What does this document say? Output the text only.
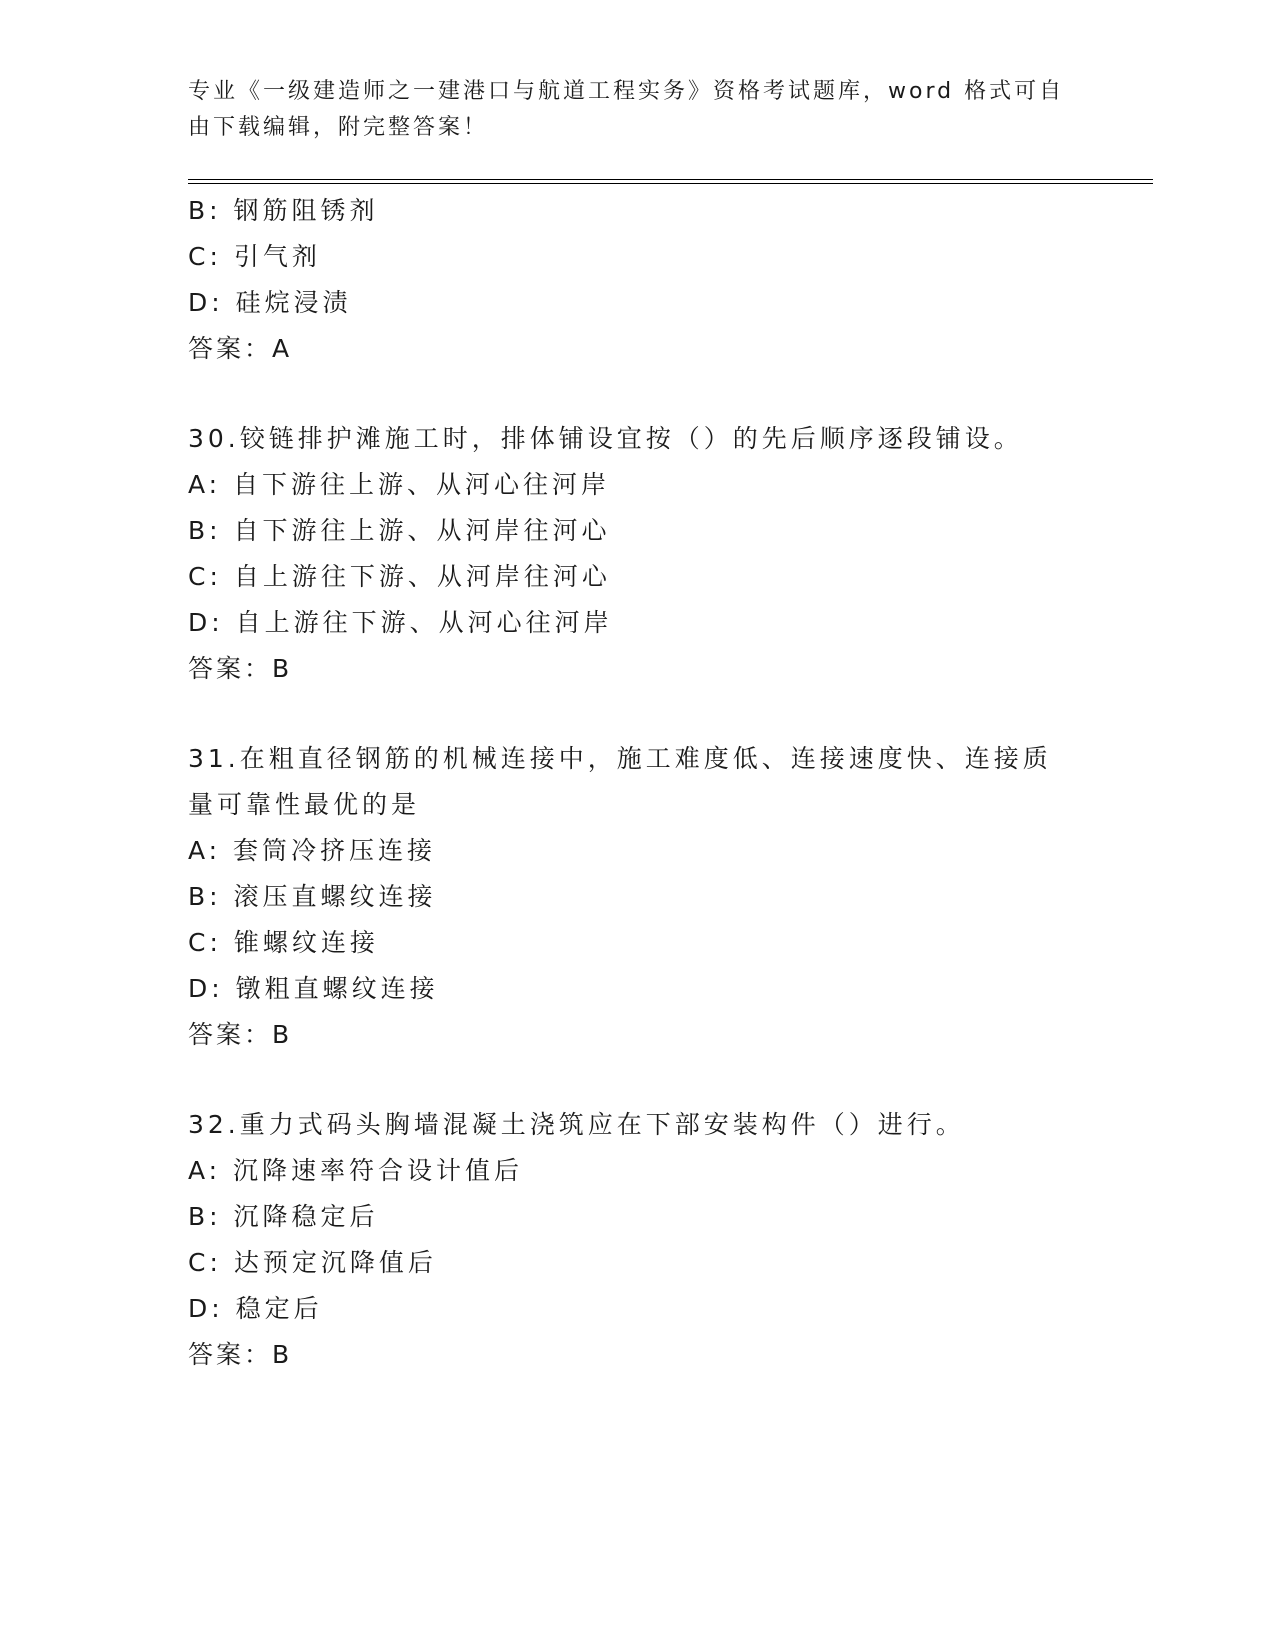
专业《一级建造师之一建港口与航道工程实务》资格考试题库，word 格式可自由下载编辑，附完整答案！
B: 钢筋阻锈剂
C: 引气剂
D: 硅烷浸渍
答案：A
30.铰链排护滩施工时，排体铺设宜按（）的先后顺序逐段铺设。
A: 自下游往上游、从河心往河岸
B: 自下游往上游、从河岸往河心
C: 自上游往下游、从河岸往河心
D: 自上游往下游、从河心往河岸
答案：B
31.在粗直径钢筋的机械连接中，施工难度低、连接速度快、连接质量可靠性最优的是
A: 套筒冷挤压连接
B: 滚压直螺纹连接
C: 锥螺纹连接
D: 镦粗直螺纹连接
答案：B
32.重力式码头胸墙混凝土浇筑应在下部安装构件（）进行。
A: 沉降速率符合设计值后
B: 沉降稳定后
C: 达预定沉降值后
D: 稳定后
答案：B
